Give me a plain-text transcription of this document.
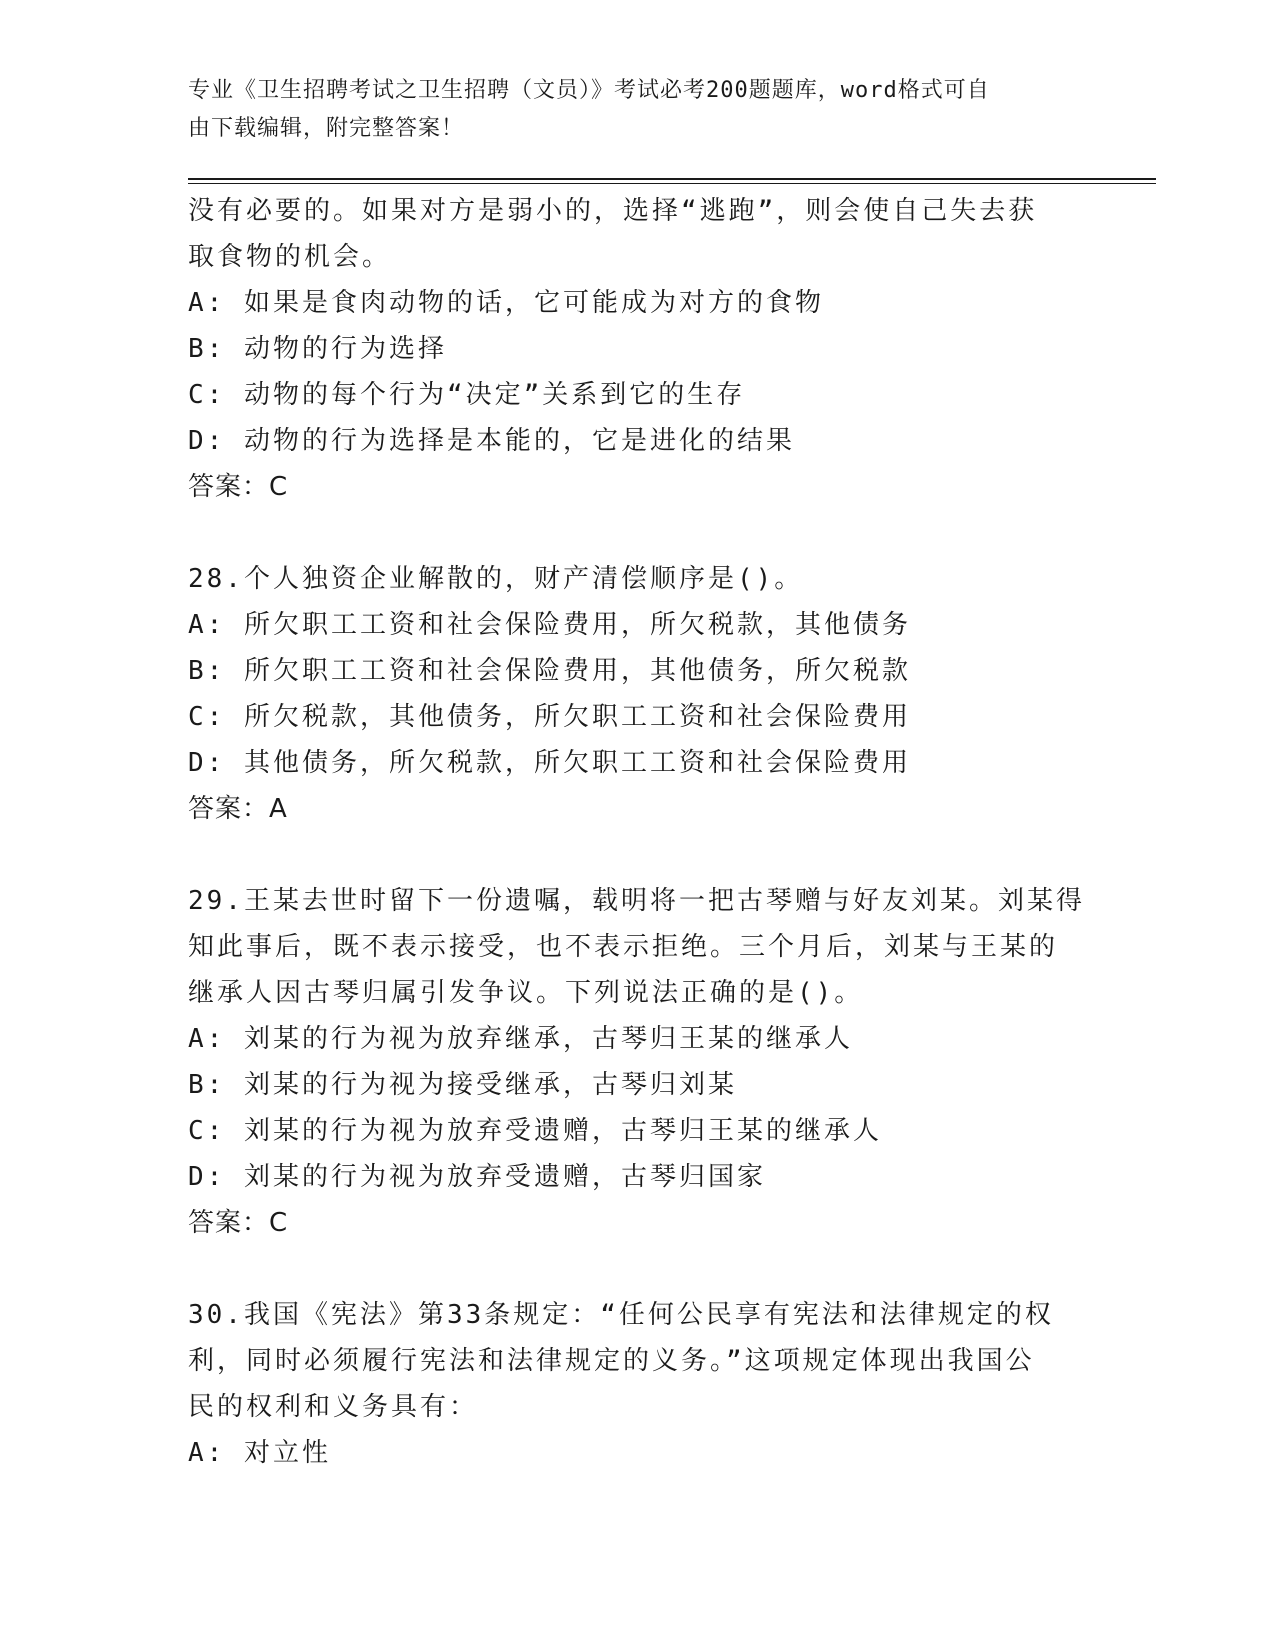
专业《卫生招聘考试之卫生招聘（文员）》考试必考200题题库，word格式可自
由下载编辑，附完整答案！
没有必要的。如果对方是弱小的，选择“逃跑”，则会使自己失去获
取食物的机会。
A: 如果是食肉动物的话，它可能成为对方的食物
B: 动物的行为选择
C: 动物的每个行为“决定”关系到它的生存
D: 动物的行为选择是本能的，它是进化的结果
答案：C
28.个人独资企业解散的，财产清偿顺序是()。
A: 所欠职工工资和社会保险费用，所欠税款，其他债务
B: 所欠职工工资和社会保险费用，其他债务，所欠税款
C: 所欠税款，其他债务，所欠职工工资和社会保险费用
D: 其他债务，所欠税款，所欠职工工资和社会保险费用
答案：A
29.王某去世时留下一份遗嘱，载明将一把古琴赠与好友刘某。刘某得
知此事后，既不表示接受，也不表示拒绝。三个月后，刘某与王某的
继承人因古琴归属引发争议。下列说法正确的是()。
A: 刘某的行为视为放弃继承，古琴归王某的继承人
B: 刘某的行为视为接受继承，古琴归刘某
C: 刘某的行为视为放弃受遗赠，古琴归王某的继承人
D: 刘某的行为视为放弃受遗赠，古琴归国家
答案：C
30.我国《宪法》第33条规定：“任何公民享有宪法和法律规定的权
利，同时必须履行宪法和法律规定的义务。”这项规定体现出我国公
民的权利和义务具有：
A: 对立性
